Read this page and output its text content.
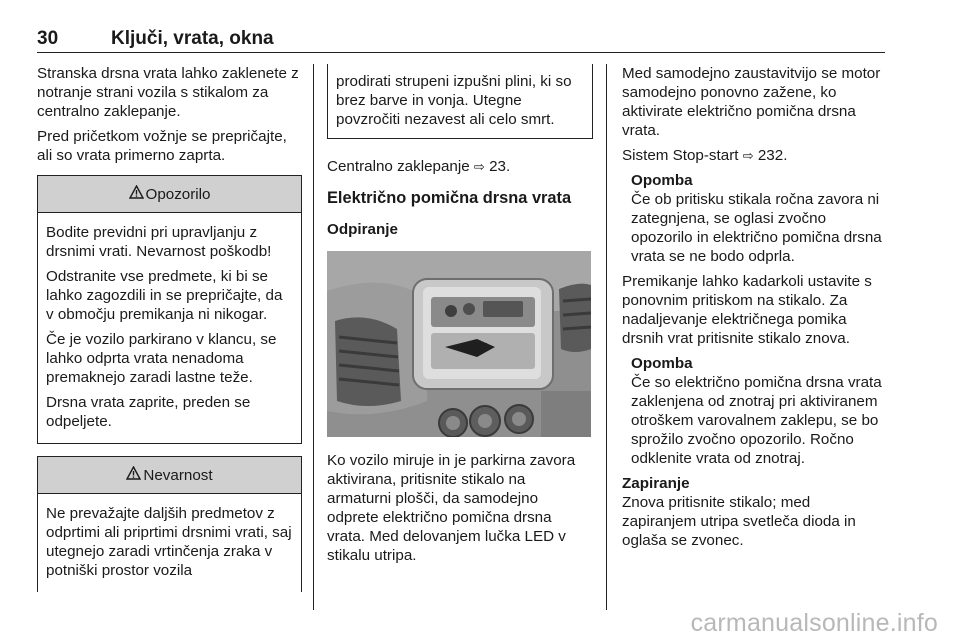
30	Ključi, vrata, okna

Stranska drsna vrata lahko zaklenete z notranje strani vozila s stikalom za centralno zaklepanje.

Pred pričetkom vožnje se prepričajte, ali so vrata primerno zaprta.

Opozorilo

Bodite previdni pri upravljanju z drsnimi vrati. Nevarnost poškodb!

Odstranite vse predmete, ki bi se lahko zagozdili in se prepričajte, da v območju premikanja ni nikogar.

Če je vozilo parkirano v klancu, se lahko odprta vrata nenadoma premaknejo zaradi lastne teže.

Drsna vrata zaprite, preden se odpeljete.

Nevarnost

Ne prevažajte daljših predmetov z odprtimi ali priprtimi drsnimi vrati, saj utegnejo zaradi vrtinčenja zraka v potniški prostor vozila

prodirati strupeni izpušni plini, ki so brez barve in vonja. Utegne povzročiti nezavest ali celo smrt.

Centralno zaklepanje ⇨ 23.

Električno pomična drsna vrata
Odpiranje

Ko vozilo miruje in je parkirna zavora aktivirana, pritisnite stikalo na armaturni plošči, da samodejno odprete električno pomična drsna vrata. Med delovanjem lučka LED v stikalu utripa.

Med samodejno zaustavitvijo se motor samodejno ponovno zažene, ko aktivirate električno pomična drsna vrata.

Sistem Stop-start ⇨ 232.

Opomba
Če ob pritisku stikala ročna zavora ni zategnjena, se oglasi zvočno opozorilo in električno pomična drsna vrata se ne bodo odprla.

Premikanje lahko kadarkoli ustavite s ponovnim pritiskom na stikalo. Za nadaljevanje električnega pomika drsnih vrat pritisnite stikalo znova.

Opomba
Če so električno pomična drsna vrata zaklenjena od znotraj pri aktiviranem otroškem varovalnem zaklepu, se bo sprožilo zvočno opozorilo. Ročno odklenite vrata od znotraj.
Zapiranje

Znova pritisnite stikalo; med zapiranjem utripa svetleča dioda in oglaša se zvonec.

carmanualsonline.info
